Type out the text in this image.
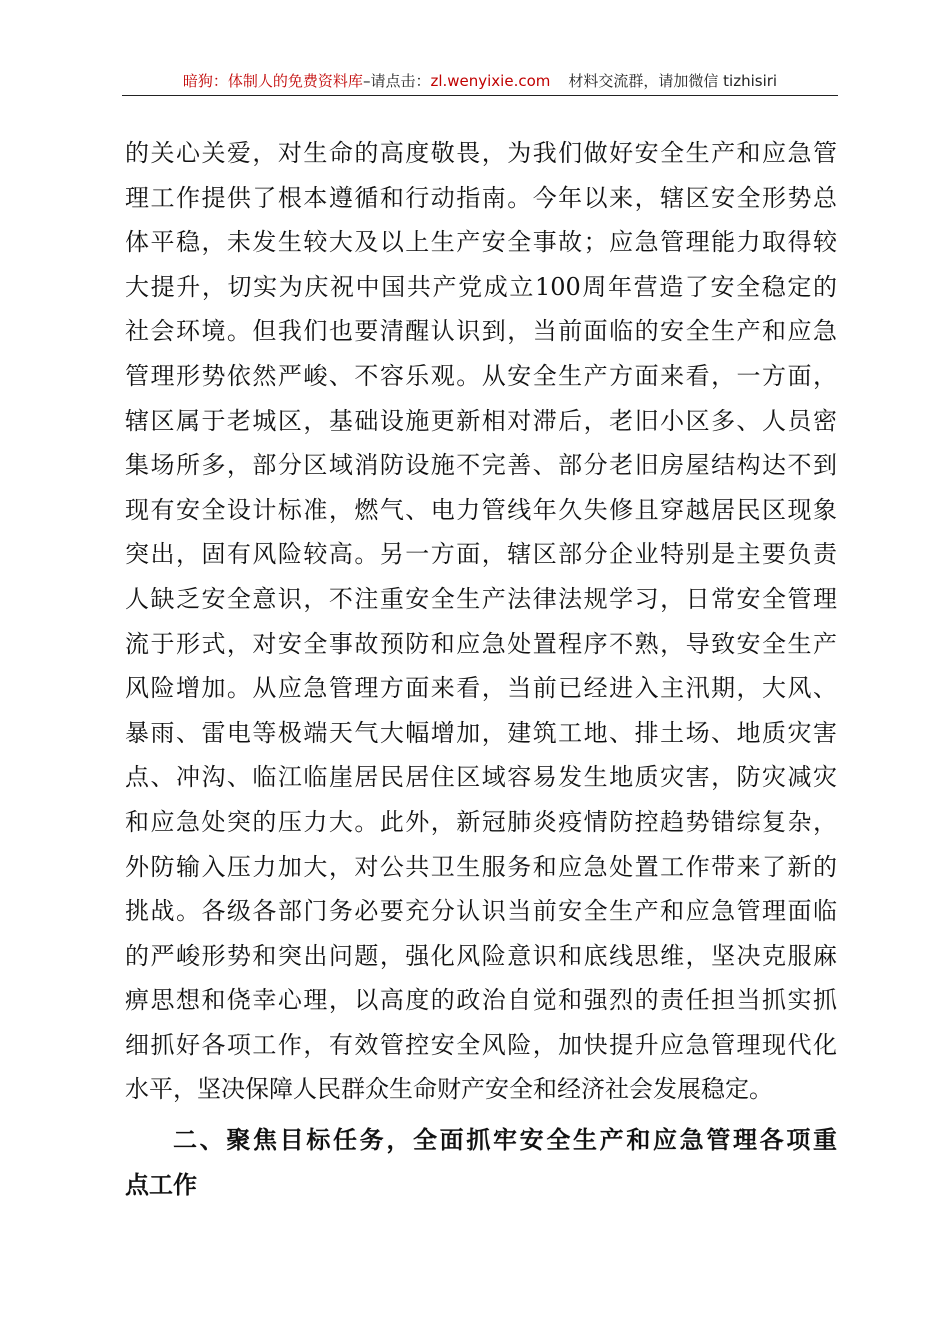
暗狗：体制人的免费资料库–请点击：zl.wenyixie.com 材料交流群，请加微信 tizhisiri
的关心关爱，对生命的高度敬畏，为我们做好安全生产和应急管
理工作提供了根本遵循和行动指南。今年以来，辖区安全形势总
体平稳，未发生较大及以上生产安全事故；应急管理能力取得较
大提升，切实为庆祝中国共产党成立100周年营造了安全稳定的
社会环境。但我们也要清醒认识到，当前面临的安全生产和应急
管理形势依然严峻、不容乐观。从安全生产方面来看，一方面，
辖区属于老城区，基础设施更新相对滞后，老旧小区多、人员密
集场所多，部分区域消防设施不完善、部分老旧房屋结构达不到
现有安全设计标准，燃气、电力管线年久失修且穿越居民区现象
突出，固有风险较高。另一方面，辖区部分企业特别是主要负责
人缺乏安全意识，不注重安全生产法律法规学习，日常安全管理
流于形式，对安全事故预防和应急处置程序不熟，导致安全生产
风险增加。从应急管理方面来看，当前已经进入主汛期，大风、
暴雨、雷电等极端天气大幅增加，建筑工地、排土场、地质灾害
点、冲沟、临江临崖居民居住区域容易发生地质灾害，防灾减灾
和应急处突的压力大。此外，新冠肺炎疫情防控趋势错综复杂，
外防输入压力加大，对公共卫生服务和应急处置工作带来了新的
挑战。各级各部门务必要充分认识当前安全生产和应急管理面临
的严峻形势和突出问题，强化风险意识和底线思维，坚决克服麻
痹思想和侥幸心理，以高度的政治自觉和强烈的责任担当抓实抓
细抓好各项工作，有效管控安全风险，加快提升应急管理现代化
水平，坚决保障人民群众生命财产安全和经济社会发展稳定。
二、聚焦目标任务，全面抓牢安全生产和应急管理各项重
点工作
